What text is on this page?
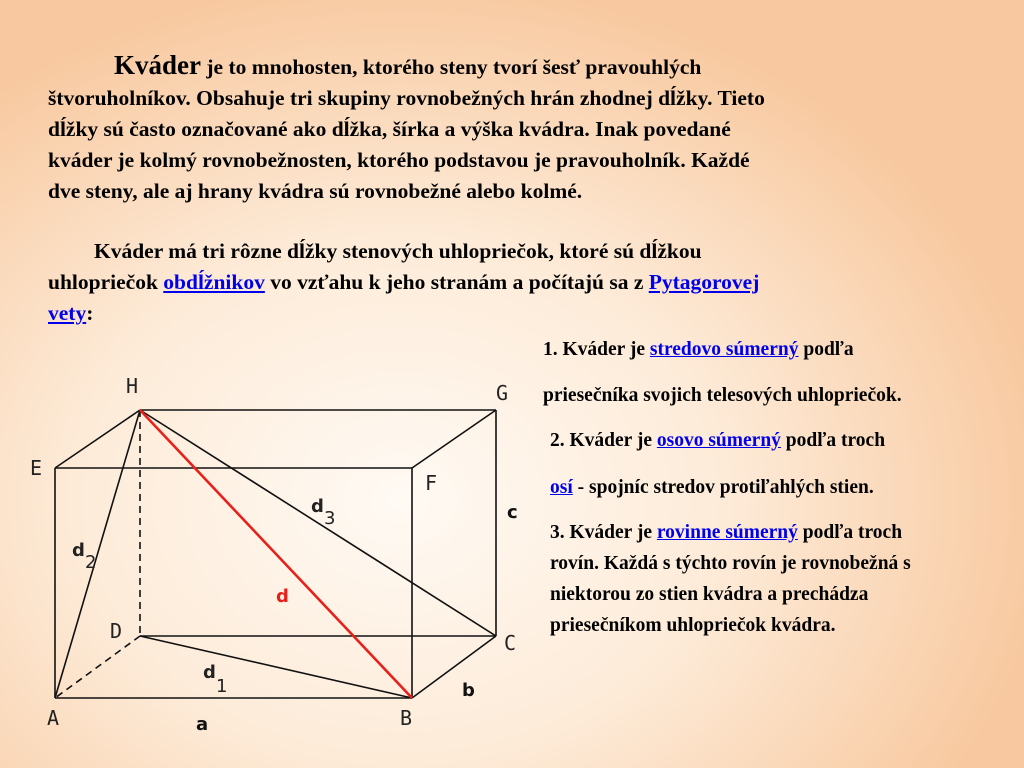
Kváder je to mnohosten, ktorého steny tvorí šesť pravouhlých
štvoruholníkov. Obsahuje tri skupiny rovnobežných hrán zhodnej dĺžky. Tieto
dĺžky sú často označované ako dĺžka, šírka a výška kvádra. Inak povedané
kváder je kolmý rovnobežnosten, ktorého podstavou je pravouholník. Každé
dve steny, ale aj hrany kvádra sú rovnobežné alebo kolmé.

Kváder má tri rôzne dĺžky stenových uhlopriečok, ktoré sú dĺžkou
uhlopriečok obdĺžnikov vo vzťahu k jeho stranám a počítajú sa z Pytagorovej
vety:

1. Kváder je stredovo súmerný podľa

priesečníka svojich telesových uhlopriečok.

2. Kváder je osovo súmerný podľa troch

osí - spojníc stredov protiľahlých stien.

3. Kváder je rovinne súmerný podľa troch

rovín. Každá s týchto rovín je rovnobežná s

niektorou zo stien kvádra a prechádza

priesečníkom uhlopriečok kvádra.

A	B
C
D
E
F
G
H
a
b
c
d
d
2
d
3
d
1
